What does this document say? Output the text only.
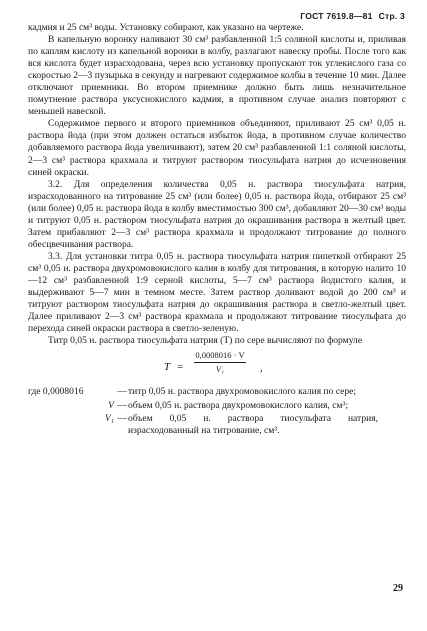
ГОСТ 7619.8—81 Стр. 3

кадмия и 25 см³ воды. Установку собирают, как указано на чертеже.

В капельную воронку наливают 30 см³ разбавленной 1:5 соляной кислоты и, приливая по каплям кислоту из капельной воронки в колбу, разлагают навеску пробы. После того как вся кислота будет израсходована, через всю установку пропускают ток углекислого газа со скоростью 2—3 пузырька в секунду и нагревают содержимое колбы в течение 10 мин. Далее отключают приемники. Во втором приемнике должно быть лишь незначительное помутнение раствора уксуснокислого кадмия, в противном случае анализ повторяют с меньшей навеской.

Содержимое первого и второго приемников объединяют, приливают 25 см³ 0,05 н. раствора йода (при этом должен остаться избыток йода, в противном случае количество добавляемого раствора йода увеличивают), затем 20 см³ разбавленной 1:1 соляной кислоты, 2—3 см³ раствора крахмала и титруют раствором тиосульфата натрия до исчезновения синей окраски.

3.2. Для определения количества 0,05 н. раствора тиосульфата натрия, израсходованного на титрование 25 см³ (или более) 0,05 н. раствора йода, отбирают 25 см³ (или более) 0,05 н. раствора йода в колбу вместимостью 300 см³, добавляют 20—30 см³ воды и титруют 0,05 н. раствором тиосульфата натрия до окрашивания раствора в желтый цвет. Затем прибавляют 2—3 см³ раствора крахмала и продолжают титрование до полного обесцвечивания раствора.

3.3. Для установки титра 0,05 н. раствора тиосульфата натрия пипеткой отбирают 25 см³ 0,05 н. раствора двухромовокислого калия в колбу для титрования, в которую налито 10—12 см³ разбавленной 1:9 серной кислоты, 5—7 см³ раствора йодистого калия, и выдерживают 5—7 мин в темном месте. Затем раствор доливают водой до 200 см³ и титруют раствором тиосульфата натрия до окрашивания раствора в светло-желтый цвет. Далее приливают 2—3 см³ раствора крахмала и продолжают титрование тиосульфата до перехода синей окраски раствора в светло-зеленую.

Титр 0,05 н. раствора тиосульфата натрия (T) по сере вычисляют по формуле

T =
0,0008016 · V
V₁	,
где 0,0008016	—	титр 0,05 н. раствора двухромовокислого калия по сере;
V	—	объем 0,05 н. раствора двухромовокислого калия, см³;
V₁	—	объем 0,05 н. раствора тиосульфата натрия, израсходованный на титрование, см³.
29
